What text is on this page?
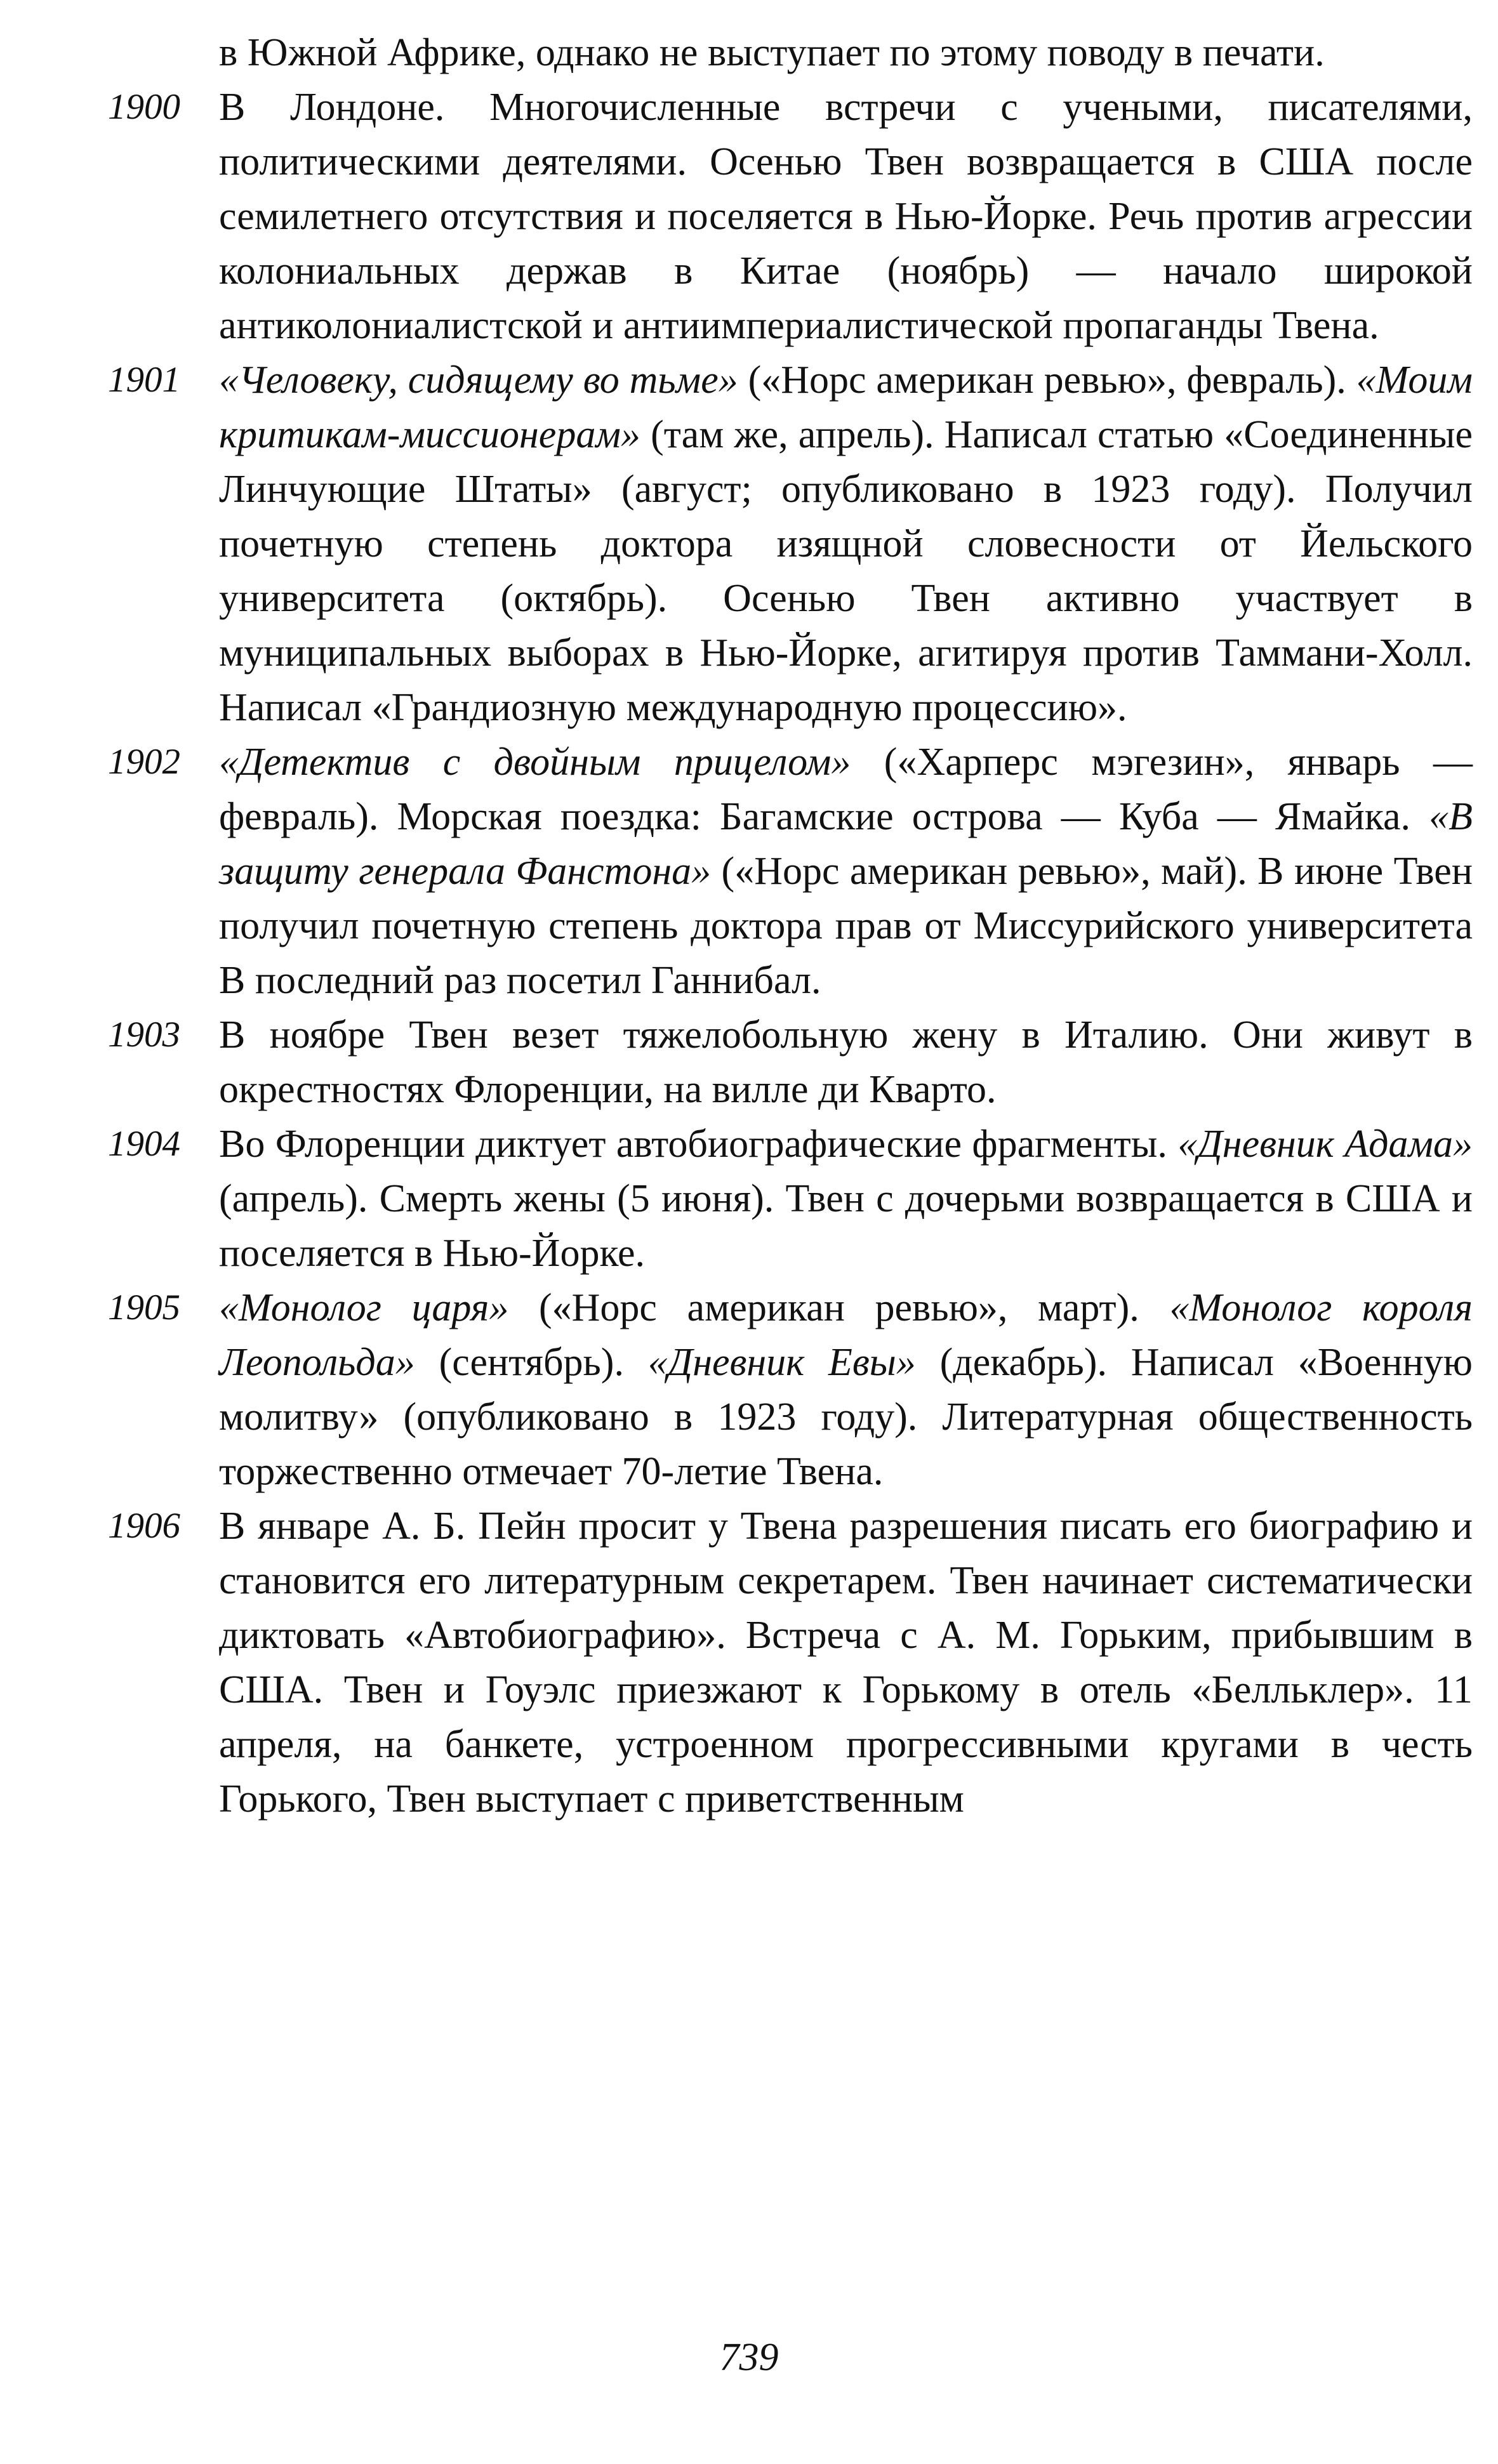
в Южной Африке, однако не выступает по этому поводу в печати.
1900 В Лондоне. Многочисленные встречи с учеными, писателями, политическими деятелями. Осенью Твен возвращается в США после семилетнего отсутствия и поселяется в Нью-Йорке. Речь против агрессии колониальных держав в Китае (ноябрь) — начало широкой антиколониалистской и антиимпериалистической пропаганды Твена.
1901 «Человеку, сидящему во тьме» («Норс американ ревью», февраль). «Моим критикам-миссионерам» (там же, апрель). Написал статью «Соединенные Линчующие Штаты» (август; опубликовано в 1923 году). Получил почетную степень доктора изящной словесности от Йельского университета (октябрь). Осенью Твен активно участвует в муниципальных выборах в Нью-Йорке, агитируя против Таммани-Холл. Написал «Грандиозную международную процессию».
1902 «Детектив с двойным прицелом» («Харперс мэгезин», январь — февраль). Морская поездка: Багамские острова — Куба — Ямайка. «В защиту генерала Фанстона» («Норс американ ревью», май). В июне Твен получил почетную степень доктора прав от Миссурийского университета В последний раз посетил Ганнибал.
1903 В ноябре Твен везет тяжелобольную жену в Италию. Они живут в окрестностях Флоренции, на вилле ди Кварто.
1904 Во Флоренции диктует автобиографические фрагменты. «Дневник Адама» (апрель). Смерть жены (5 июня). Твен с дочерьми возвращается в США и поселяется в Нью-Йорке.
1905 «Монолог царя» («Норс американ ревью», март). «Монолог короля Леопольда» (сентябрь). «Дневник Евы» (декабрь). Написал «Военную молитву» (опубликовано в 1923 году). Литературная общественность торжественно отмечает 70-летие Твена.
1906 В январе А. Б. Пейн просит у Твена разрешения писать его биографию и становится его литературным секретарем. Твен начинает систематически диктовать «Автобиографию». Встреча с А. М. Горьким, прибывшим в США. Твен и Гоуэлс приезжают к Горькому в отель «Белльклер». 11 апреля, на банкете, устроенном прогрессивными кругами в честь Горького, Твен выступает с приветственным
739
